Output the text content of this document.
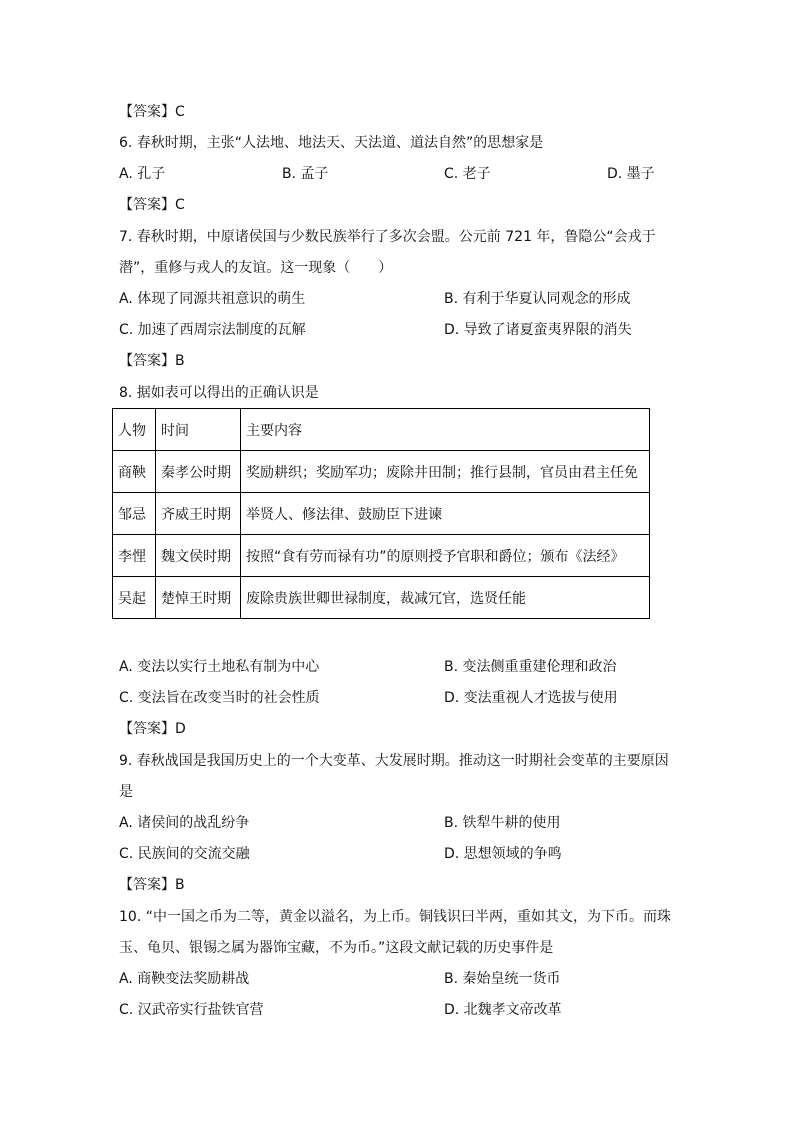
【答案】C
6. 春秋时期，主张“人法地、地法天、天法道、道法自然”的思想家是
A. 孔子	B. 孟子	C. 老子	D. 墨子
【答案】C
7. 春秋时期，中原诸侯国与少数民族举行了多次会盟。公元前 721 年，鲁隐公“会戎于
潜”，重修与戎人的友谊。这一现象（　　）
A. 体现了同源共祖意识的萌生	B. 有利于华夏认同观念的形成
C. 加速了西周宗法制度的瓦解	D. 导致了诸夏蛮夷界限的消失
【答案】B
8. 据如表可以得出的正确认识是
人物	时间	主要内容
商鞅	秦孝公时期	奖励耕织；奖励军功；废除井田制；推行县制，官员由君主任免
邹忌	齐威王时期	举贤人、修法律、鼓励臣下进谏
李悝	魏文侯时期	按照“食有劳而禄有功”的原则授予官职和爵位；颁布《法经》
吴起	楚悼王时期	废除贵族世卿世禄制度，裁减冗官，选贤任能
A. 变法以实行土地私有制为中心	B. 变法侧重重建伦理和政治
C. 变法旨在改变当时的社会性质	D. 变法重视人才选拔与使用
【答案】D
9. 春秋战国是我国历史上的一个大变革、大发展时期。推动这一时期社会变革的主要原因
是
A. 诸侯间的战乱纷争	B. 铁犁牛耕的使用
C. 民族间的交流交融	D. 思想领域的争鸣
【答案】B
10. “中一国之币为二等，黄金以溢名，为上币。铜钱识曰半两，重如其文，为下币。而珠
玉、龟贝、银锡之属为器饰宝藏，不为币。”这段文献记载的历史事件是
A. 商鞅变法奖励耕战	B. 秦始皇统一货币
C. 汉武帝实行盐铁官营	D. 北魏孝文帝改革
